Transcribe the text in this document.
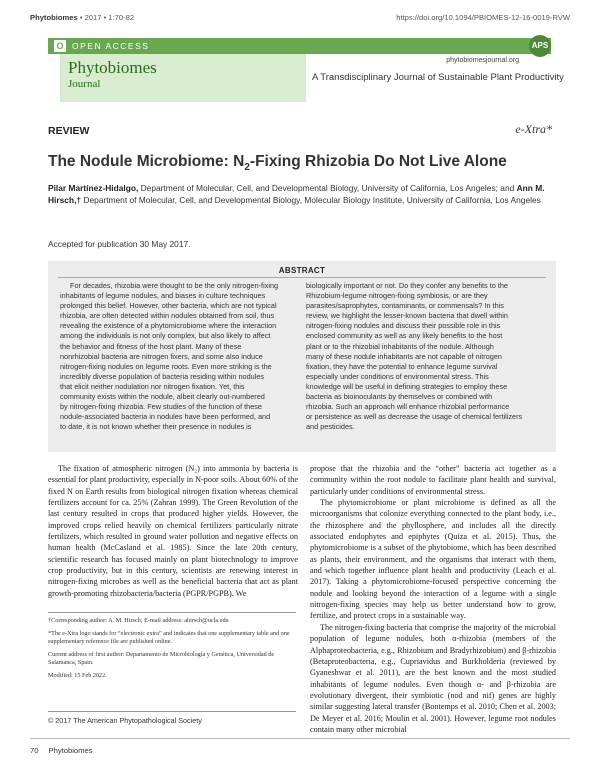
Phytobiomes • 2017 • 1:70-82	https://doi.org/10.1094/PBIOMES-12-16-0019-RVW
O OPEN ACCESS
phytobiomesjournal.org
APS
Phytobiomes
Journal
A Transdisciplinary Journal of Sustainable Plant Productivity
REVIEW	e-Xtra*
The Nodule Microbiome: $N_2$-Fixing Rhizobia Do Not Live Alone
Pilar Martínez-Hidalgo, Department of Molecular, Cell, and Developmental Biology, University of California, Los Angeles; and Ann M. Hirsch,† Department of Molecular, Cell, and Developmental Biology, Molecular Biology Institute, University of California, Los Angeles
Accepted for publication 30 May 2017.
ABSTRACT
For decades, rhizobia were thought to be the only nitrogen-fixing
inhabitants of legume nodules, and biases in culture techniques
prolonged this belief. However, other bacteria, which are not typical
rhizobia, are often detected within nodules obtained from soil, thus
revealing the existence of a phytomicrobiome where the interaction
among the individuals is not only complex, but also likely to affect
the behavior and fitness of the host plant. Many of these
nonrhizobial bacteria are nitrogen fixers, and some also induce
nitrogen-fixing nodules on legume roots. Even more striking is the
incredibly diverse population of bacteria residing within nodules
that elicit neither nodulation nor nitrogen fixation. Yet, this
community exists within the nodule, albeit clearly out-numbered
by nitrogen-fixing rhizobia. Few studies of the function of these
nodule-associated bacteria in nodules have been performed, and
to date, it is not known whether their presence in nodules is
biologically important or not. Do they confer any benefits to the
Rhizobium-legume nitrogen-fixing symbiosis, or are they
parasites/saprophytes, contaminants, or commensals? In this
review, we highlight the lesser-known bacteria that dwell within
nitrogen-fixing nodules and discuss their possible role in this
enclosed community as well as any likely benefits to the host
plant or to the rhizobial inhabitants of the nodule. Although
many of these nodule inhabitants are not capable of nitrogen
fixation, they have the potential to enhance legume survival
especially under conditions of environmental stress. This
knowledge will be useful in defining strategies to employ these
bacteria as bioinoculants by themselves or combined with
rhizobia. Such an approach will enhance rhizobial performance
or persistence as well as decrease the usage of chemical fertilizers
and pesticides.

The fixation of atmospheric nitrogen (N₂) into ammonia by bacteria is essential for plant productivity, especially in N-poor soils. About 60% of the fixed N on Earth results from biological nitrogen fixation whereas chemical fertilizers account for ca. 25% (Zahran 1999). The Green Revolution of the last century resulted in crops that produced higher yields. However, the improved crops relied heavily on chemical fertilizers particularly nitrate fertilizers, which resulted in ground water pollution and negative effects on human health (McCasland et al. 1985). Since the late 20th century, scientific research has focused mainly on plant biotechnology to improve crop productivity, but in this century, scientists are renewing interest in nitrogen-fixing microbes as well as the beneficial bacteria that act as plant growth-promoting rhizobacteria/bacteria (PGPR/PGPB). We

propose that the rhizobia and the “other” bacteria act together as a community within the root nodule to facilitate plant health and survival, particularly under conditions of environmental stress.

The phytomicrobiome or plant microbiome is defined as all the microorganisms that colonize everything connected to the plant body, i.e., the rhizosphere and the phyllosphere, and includes all the directly associated endophytes and epiphytes (Quiza et al. 2015). Thus, the phytomicrobiome is a subset of the phytobiome, which has been described as plants, their environment, and the organisms that interact with them, and which together influence plant health and productivity (Leach et al. 2017). Taking a phytomicrobiome-focused perspective concerning the nodule and looking beyond the interaction of a legume with a single nitrogen-fixing species may help us better understand how to grow, fertilize, and protect crops in a sustainable way.

The nitrogen-fixing bacteria that comprise the majority of the microbial population of legume nodules, both α-rhizobia (members of the Alphaproteobacteria, e.g., Rhizobium and Bradyrhizobium) and β-rhizobia (Betaproteobacteria, e.g., Cupriavidus and Burkholderia (reviewed by Gyaneshwar et al. 2011), are the best known and the most studied inhabitants of legume nodules. Even though α- and β-rhizobia are evolutionary divergent, their symbiotic (nod and nif) genes are highly similar suggesting lateral transfer (Bontemps et al. 2010; Chen et al. 2003; De Meyer et al. 2016; Moulin et al. 2001). However, legume root nodules contain many other microbial

†Corresponding author: A. M. Hirsch; E-mail address: ahirsch@ucla.edu
*The e-Xtra logo stands for “electronic extra” and indicates that one supplementary table and one supplementary reference file are published online.
Current address of first author: Departamento de Microbiología y Genética, Universidad de Salamanca, Spain.
Modified: 15 Feb 2022.
© 2017 The American Phytopathological Society
70 Phytobiomes
